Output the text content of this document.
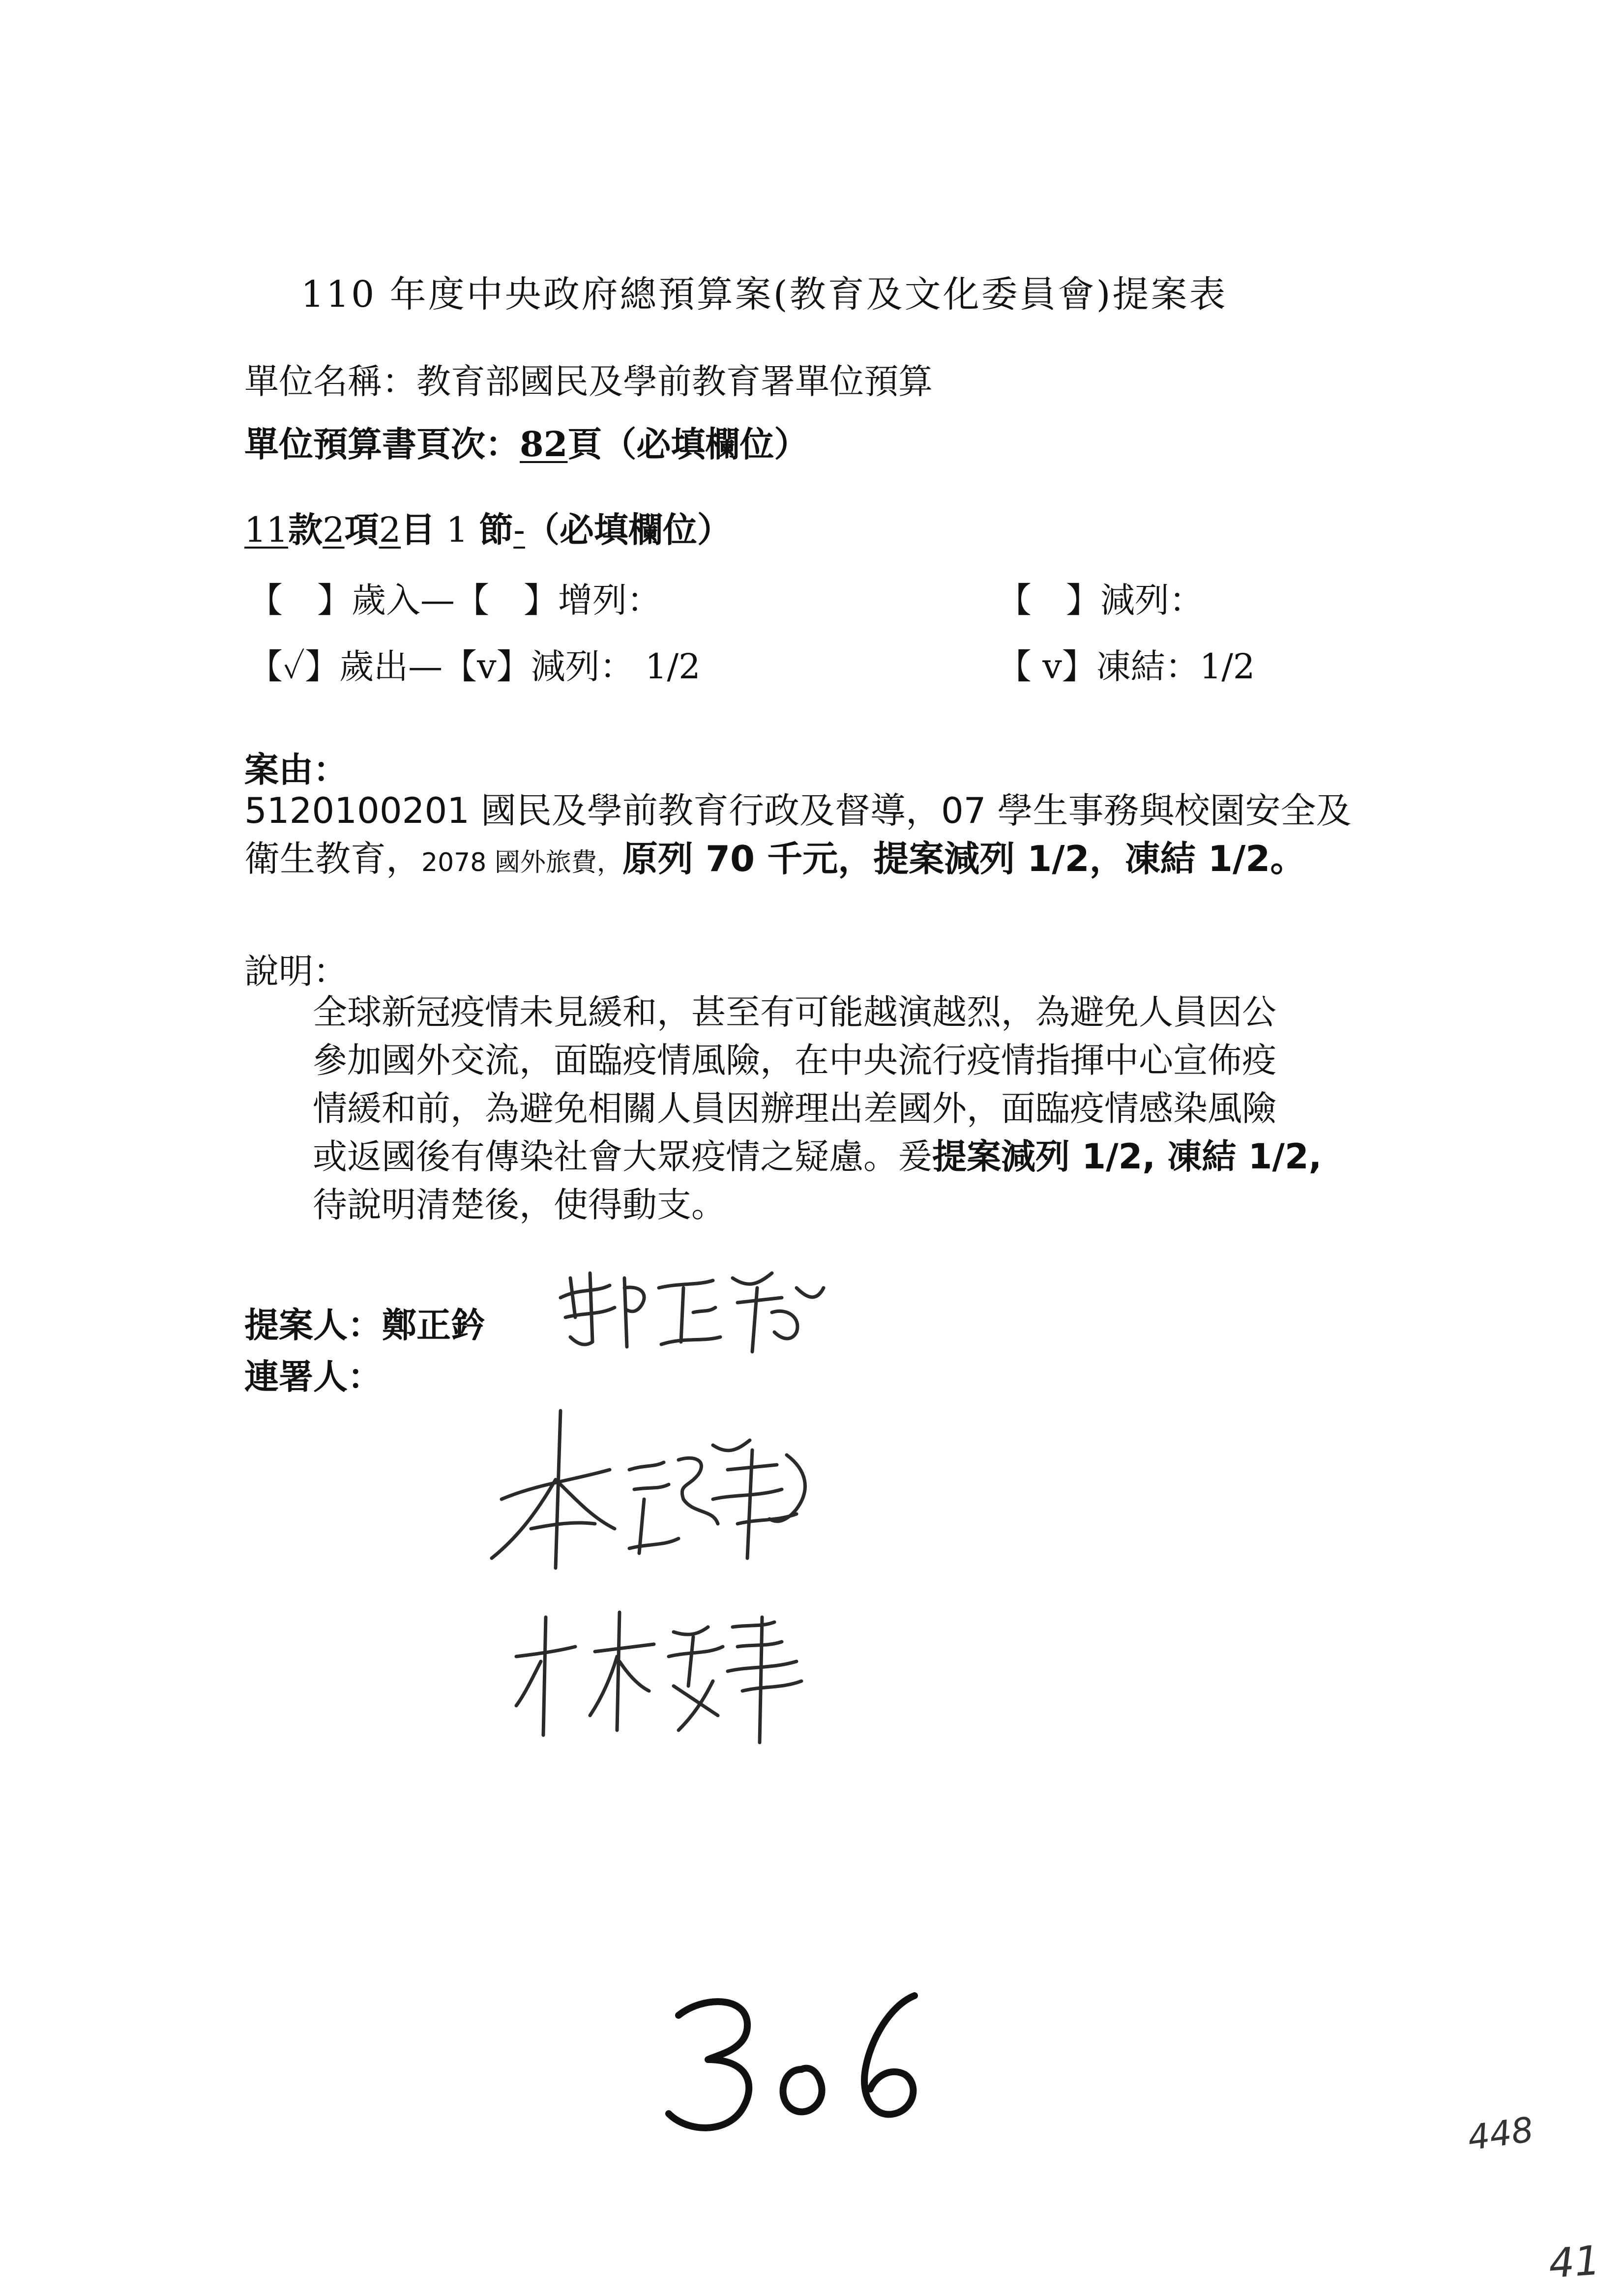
110 年度中央政府總預算案(教育及文化委員會)提案表
單位名稱：教育部國民及學前教育署單位預算
單位預算書頁次：82頁（必填欄位）
11款2項2目 1 節-（必填欄位）
【　】歲入—【　】增列：	【　】減列：
【✓】歲出—【v】減列： 1/2	【 v】凍結：1/2
案由：
5120100201 國民及學前教育行政及督導，07 學生事務與校園安全及
衛生教育，2078 國外旅費，原列 70 千元，提案減列 1/2，凍結 1/2。
說明：
全球新冠疫情未見緩和，甚至有可能越演越烈，為避免人員因公
參加國外交流，面臨疫情風險，在中央流行疫情指揮中心宣佈疫
情緩和前，為避免相關人員因辦理出差國外，面臨疫情感染風險
或返國後有傳染社會大眾疫情之疑慮。爰提案減列 1/2, 凍結 1/2,
待說明清楚後，使得動支。
提案人：鄭正鈐
連署人：
448
41
